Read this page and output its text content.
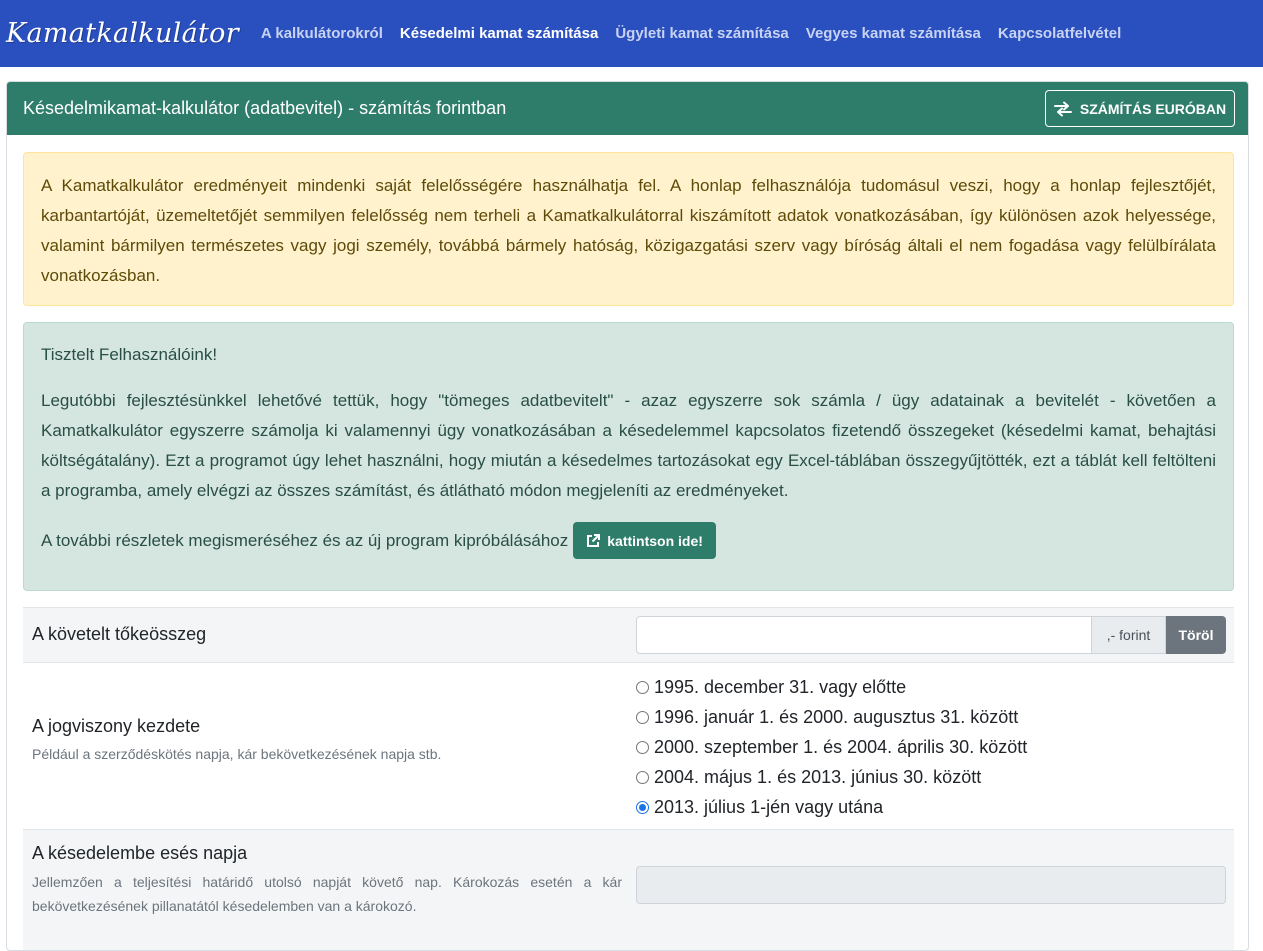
Kamatkalkulátor A kalkulátorokról Késedelmi kamat számítása Ügyleti kamat számítása Vegyes kamat számítása Kapcsolatfelvétel
Késedelmikamat-kalkulátor (adatbevitel) - számítás forintban	SZÁMÍTÁS EURÓBAN
A Kamatkalkulátor eredményeit mindenki saját felelősségére használhatja fel. A honlap felhasználója tudomásul veszi, hogy a honlap fejlesztőjét, karbantartóját, üzemeltetőjét semmilyen felelősség nem terheli a Kamatkalkulátorral kiszámított adatok vonatkozásában, így különösen azok helyessége, valamint bármilyen természetes vagy jogi személy, továbbá bármely hatóság, közigazgatási szerv vagy bíróság általi el nem fogadása vagy felülbírálata vonatkozásban.

Tisztelt Felhasználóink!

Legutóbbi fejlesztésünkkel lehetővé tettük, hogy "tömeges adatbevitelt" - azaz egyszerre sok számla / ügy adatainak a bevitelét - követően a Kamatkalkulátor egyszerre számolja ki valamennyi ügy vonatkozásában a késedelemmel kapcsolatos fizetendő összegeket (késedelmi kamat, behajtási költségátalány). Ezt a programot úgy lehet használni, hogy miután a késedelmes tartozásokat egy Excel-táblában összegyűjtötték, ezt a táblát kell feltölteni a programba, amely elvégzi az összes számítást, és átlátható módon megjeleníti az eredményeket.

A további részletek megismeréséhez és az új program kipróbálásához	kattintson ide!

A követelt tőkeösszeg	,- forint	Töröl
A jogviszony kezdete
Például a szerződéskötés napja, kár bekövetkezésének napja stb.
1995. december 31. vagy előtte
1996. január 1. és 2000. augusztus 31. között
2000. szeptember 1. és 2004. április 30. között
2004. május 1. és 2013. június 30. között
2013. július 1-jén vagy utána
A késedelembe esés napja
Jellemzően a teljesítési határidő utolsó napját követő nap. Károkozás esetén a kár bekövetkezésének pillanatától késedelemben van a károkozó.
